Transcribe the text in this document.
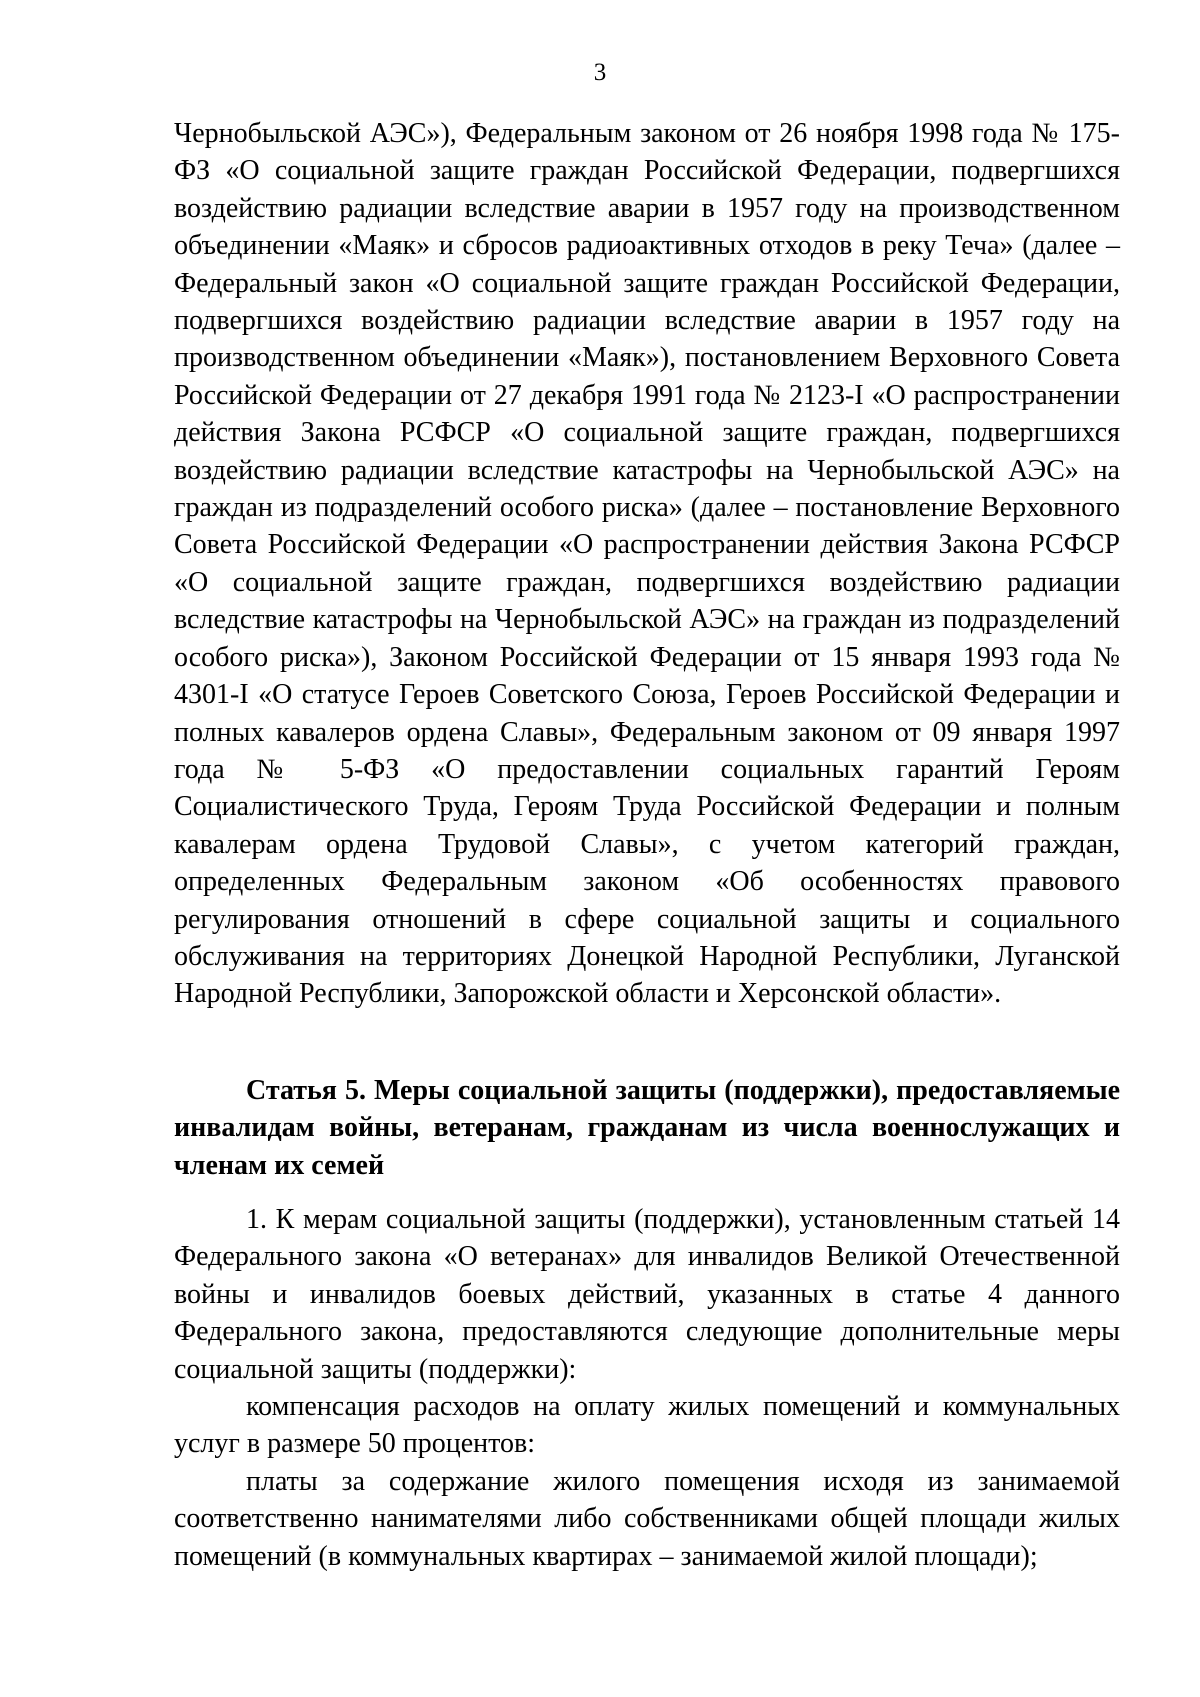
3

Чернобыльской АЭС»), Федеральным законом от 26 ноября 1998 года № 175-ФЗ «О социальной защите граждан Российской Федерации, подвергшихся воздействию радиации вследствие аварии в 1957 году на производственном объединении «Маяк» и сбросов радиоактивных отходов в реку Теча» (далее – Федеральный закон «О социальной защите граждан Российской Федерации, подвергшихся воздействию радиации вследствие аварии в 1957 году на производственном объединении «Маяк»), постановлением Верховного Совета Российской Федерации от 27 декабря 1991 года № 2123-I «О распространении действия Закона РСФСР «О социальной защите граждан, подвергшихся воздействию радиации вследствие катастрофы на Чернобыльской АЭС» на граждан из подразделений особого риска» (далее – постановление Верховного Совета Российской Федерации «О распространении действия Закона РСФСР «О социальной защите граждан, подвергшихся воздействию радиации вследствие катастрофы на Чернобыльской АЭС» на граждан из подразделений особого риска»), Законом Российской Федерации от 15 января 1993 года № 4301-I «О статусе Героев Советского Союза, Героев Российской Федерации и полных кавалеров ордена Славы», Федеральным законом от 09 января 1997 года № 5-ФЗ «О предоставлении социальных гарантий Героям Социалистического Труда, Героям Труда Российской Федерации и полным кавалерам ордена Трудовой Славы», с учетом категорий граждан, определенных Федеральным законом «Об особенностях правового регулирования отношений в сфере социальной защиты и социального обслуживания на территориях Донецкой Народной Республики, Луганской Народной Республики, Запорожской области и Херсонской области».

Статья 5. Меры социальной защиты (поддержки), предоставляемые инвалидам войны, ветеранам, гражданам из числа военнослужащих и членам их семей

1. К мерам социальной защиты (поддержки), установленным статьей 14 Федерального закона «О ветеранах» для инвалидов Великой Отечественной войны и инвалидов боевых действий, указанных в статье 4 данного Федерального закона, предоставляются следующие дополнительные меры социальной защиты (поддержки):

компенсация расходов на оплату жилых помещений и коммунальных услуг в размере 50 процентов:

платы за содержание жилого помещения исходя из занимаемой соответственно нанимателями либо собственниками общей площади жилых помещений (в коммунальных квартирах – занимаемой жилой площади);
